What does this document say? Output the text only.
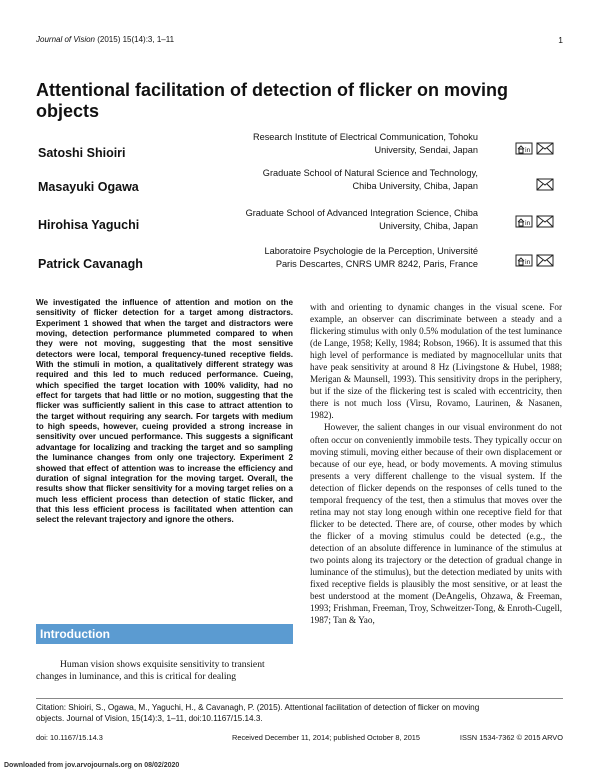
Journal of Vision (2015) 15(14):3, 1–11	1
Attentional facilitation of detection of flicker on moving objects
Satoshi Shioiri
Research Institute of Electrical Communication, Tohoku
University, Sendai, Japan	in
Masayuki Ogawa
Graduate School of Natural Science and Technology,
Chiba University, Chiba, Japan
Hirohisa Yaguchi
Graduate School of Advanced Integration Science, Chiba
University, Chiba, Japan	in
Patrick Cavanagh
Laboratoire Psychologie de la Perception, Université
Paris Descartes, CNRS UMR 8242, Paris, France	in
We investigated the influence of attention and motion on the sensitivity of flicker detection for a target among distractors. Experiment 1 showed that when the target and distractors were moving, detection performance plummeted compared to when they were not moving, suggesting that the most sensitive detectors were local, temporal frequency-tuned receptive fields. With the stimuli in motion, a qualitatively different strategy was required and this led to much reduced performance. Cueing, which specified the target location with 100% validity, had no effect for targets that had little or no motion, suggesting that the flicker was sufficiently salient in this case to attract attention to the target without requiring any search. For targets with medium to high speeds, however, cueing provided a strong increase in sensitivity over uncued performance. This suggests a significant advantage for localizing and tracking the target and so sampling the luminance changes from only one trajectory. Experiment 2 showed that effect of attention was to increase the efficiency and duration of signal integration for the moving target. Overall, the results show that flicker sensitivity for a moving target relies on a much less efficient process than detection of static flicker, and that this less efficient process is facilitated when attention can select the relevant trajectory and ignore the others.
Introduction
Human vision shows exquisite sensitivity to transient
changes in luminance, and this is critical for dealing

with and orienting to dynamic changes in the visual scene. For example, an observer can discriminate between a steady and a flickering stimulus with only 0.5% modulation of the test luminance (de Lange, 1958; Kelly, 1984; Robson, 1966). It is assumed that this high level of performance is mediated by magnocellular units that have peak sensitivity at around 8 Hz (Livingstone & Hubel, 1988; Merigan & Maunsell, 1993). This sensitivity drops in the periphery, but if the size of the flickering test is scaled with eccentricity, then there is not much loss (Virsu, Rovamo, Laurinen, & Nasanen, 1982).

However, the salient changes in our visual environment do not often occur on conveniently immobile tests. They typically occur on moving stimuli, moving either because of their own displacement or because of our eye, head, or body movements. A moving stimulus presents a very different challenge to the visual system. If the detection of flicker depends on the responses of cells tuned to the temporal frequency of the test, then a stimulus that moves over the retina may not stay long enough within one receptive field for that flicker to be detected. There are, of course, other modes by which the flicker of a moving stimulus could be detected (e.g., the detection of an absolute difference in luminance of the stimulus at two points along its trajectory or the detection of gradual change in luminance of the stimulus), but the detection mediated by units with fixed receptive fields is plausibly the most sensitive, or at least the best understood at the moment (DeAngelis, Ohzawa, & Freeman, 1993; Frishman, Freeman, Troy, Schweitzer-Tong, & Enroth-Cugell, 1987; Tan & Yao,

Citation: Shioiri, S., Ogawa, M., Yaguchi, H., & Cavanagh, P. (2015). Attentional facilitation of detection of flicker on moving
objects. Journal of Vision, 15(14):3, 1–11, doi:10.1167/15.14.3.
doi: 10.1167/15.14.3	Received December 11, 2014; published October 8, 2015	ISSN 1534-7362 © 2015 ARVO
Downloaded from jov.arvojournals.org on 08/02/2020
